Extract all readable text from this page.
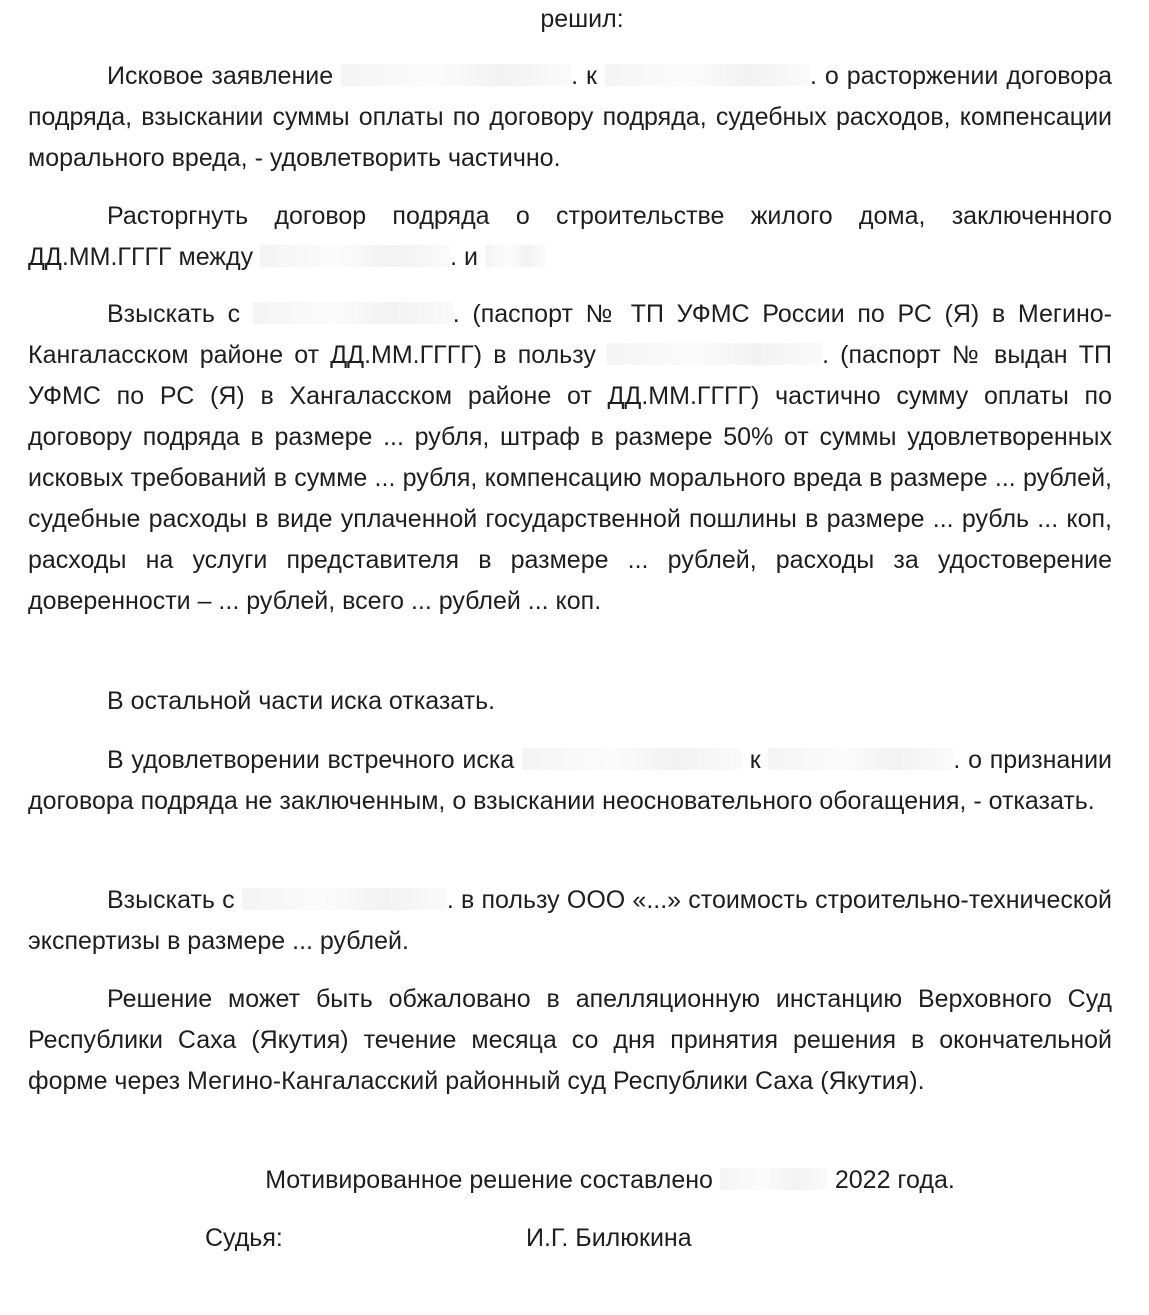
решил:

Исковое заявление	. к	. о расторжении договора подряда, взыскании суммы оплаты по договору подряда, судебных расходов, компенсации морального вреда, - удовлетворить частично.

Расторгнуть договор подряда о строительстве жилого дома, заключенного ДД.ММ.ГГГГ между	. и

Взыскать с	. (паспорт № ТП УФМС России по РС (Я) в Мегино-Кангаласском районе от ДД.ММ.ГГГГ) в пользу	. (паспорт № выдан ТП УФМС по РС (Я) в Хангаласском районе от ДД.ММ.ГГГГ) частично сумму оплаты по договору подряда в размере ... рубля, штраф в размере 50% от суммы удовлетворенных исковых требований в сумме ... рубля, компенсацию морального вреда в размере ... рублей, судебные расходы в виде уплаченной государственной пошлины в размере ... рубль ... коп, расходы на услуги представителя в размере ... рублей, расходы за удостоверение доверенности – ... рублей, всего ... рублей ... коп.

В остальной части иска отказать.

В удовлетворении встречного иска	к	. о признании договора подряда не заключенным, о взыскании неосновательного обогащения, - отказать.

Взыскать с	. в пользу ООО «...» стоимость строительно-технической экспертизы в размере ... рублей.

Решение может быть обжаловано в апелляционную инстанцию Верховного Суд Республики Саха (Якутия) течение месяца со дня принятия решения в окончательной форме через Мегино-Кангаласский районный суд Республики Саха (Якутия).

Мотивированное решение составлено	2022 года.

Судья:	И.Г. Билюкина
